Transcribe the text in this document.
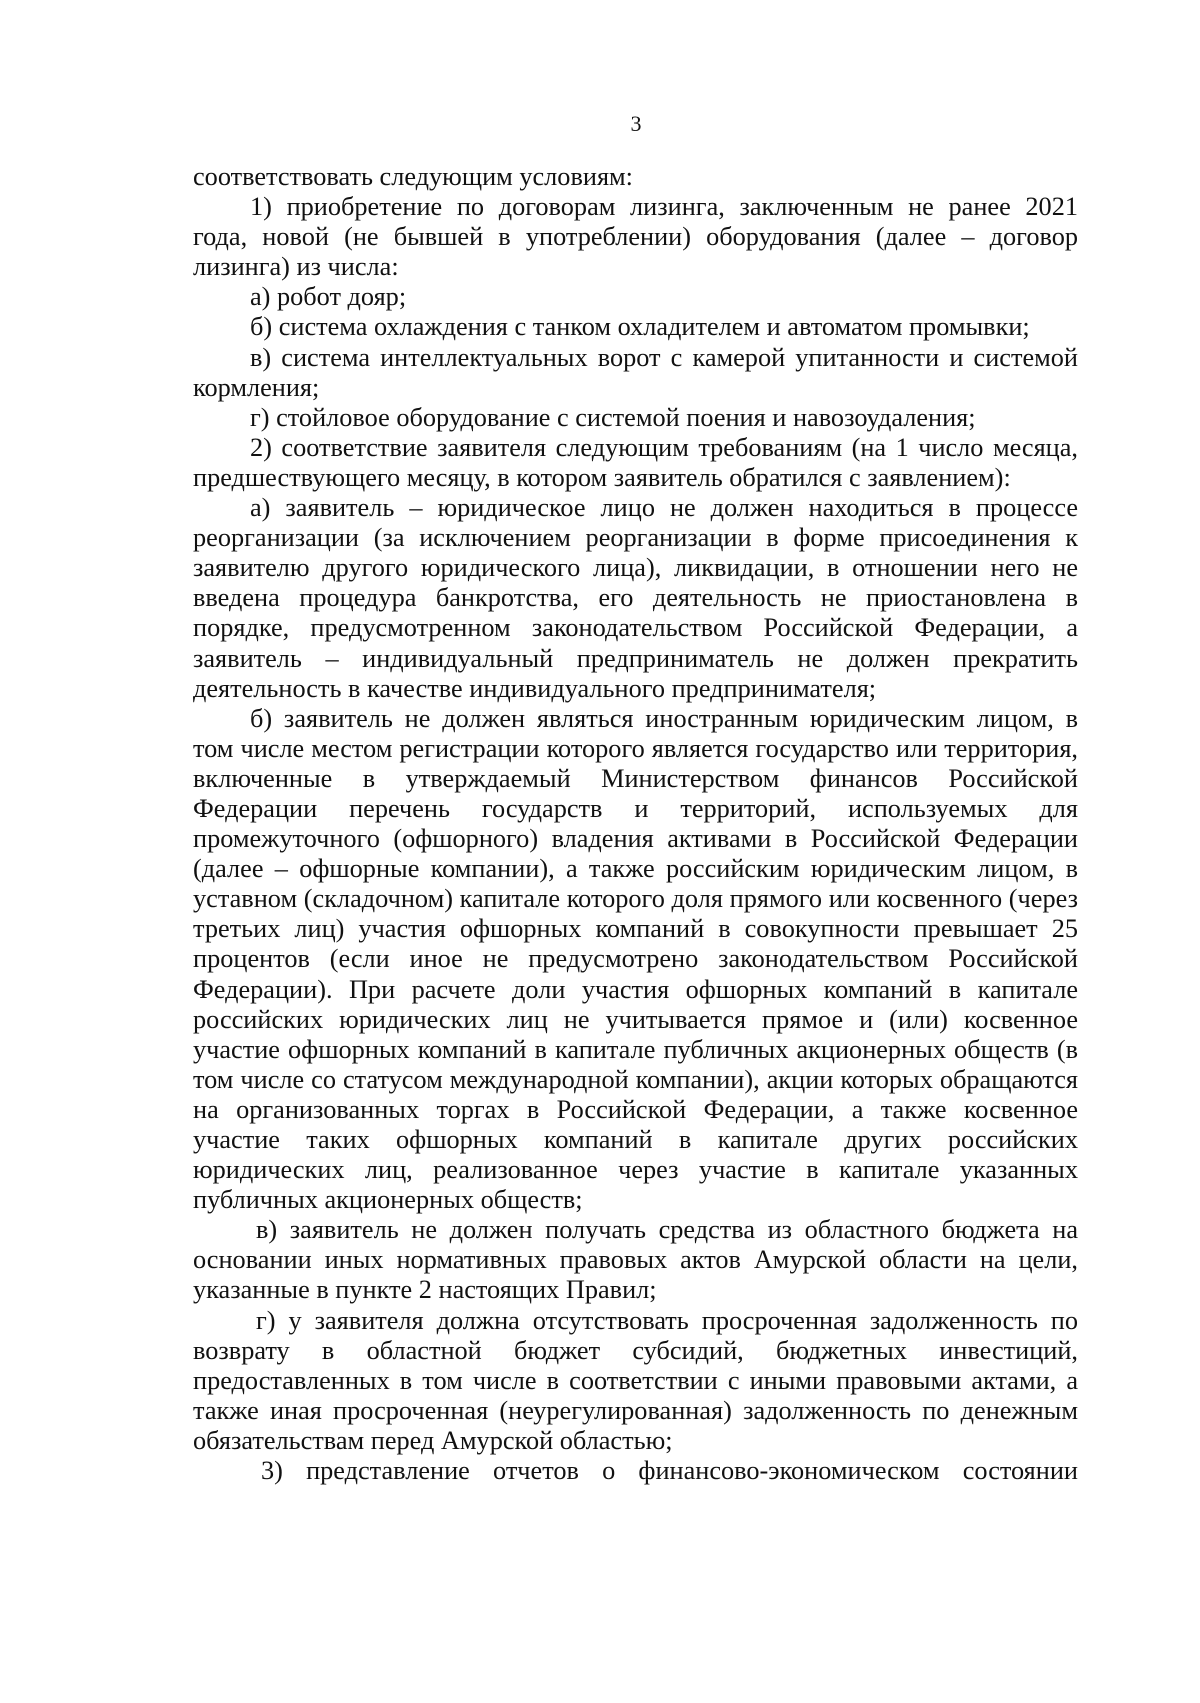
3
соответствовать следующим условиям:
1) приобретение по договорам лизинга, заключенным не ранее 2021
года, новой (не бывшей в употреблении) оборудования (далее – договор
лизинга) из числа:
а) робот дояр;
б) система охлаждения с танком охладителем и автоматом промывки;
в) система интеллектуальных ворот с камерой упитанности и системой
кормления;
г) стойловое оборудование с системой поения и навозоудаления;
2) соответствие заявителя следующим требованиям (на 1 число месяца,
предшествующего месяцу, в котором заявитель обратился с заявлением):
а) заявитель – юридическое лицо не должен находиться в процессе
реорганизации (за исключением реорганизации в форме присоединения к
заявителю другого юридического лица), ликвидации, в отношении него не
введена процедура банкротства, его деятельность не приостановлена в
порядке, предусмотренном законодательством Российской Федерации, а
заявитель – индивидуальный предприниматель не должен прекратить
деятельность в качестве индивидуального предпринимателя;
б) заявитель не должен являться иностранным юридическим лицом, в
том числе местом регистрации которого является государство или территория,
включенные в утверждаемый Министерством финансов Российской
Федерации перечень государств и территорий, используемых для
промежуточного (офшорного) владения активами в Российской Федерации
(далее – офшорные компании), а также российским юридическим лицом, в
уставном (складочном) капитале которого доля прямого или косвенного (через
третьих лиц) участия офшорных компаний в совокупности превышает 25
процентов (если иное не предусмотрено законодательством Российской
Федерации). При расчете доли участия офшорных компаний в капитале
российских юридических лиц не учитывается прямое и (или) косвенное
участие офшорных компаний в капитале публичных акционерных обществ (в
том числе со статусом международной компании), акции которых обращаются
на организованных торгах в Российской Федерации, а также косвенное
участие таких офшорных компаний в капитале других российских
юридических лиц, реализованное через участие в капитале указанных
публичных акционерных обществ;
в) заявитель не должен получать средства из областного бюджета на
основании иных нормативных правовых актов Амурской области на цели,
указанные в пункте 2 настоящих Правил;
г) у заявителя должна отсутствовать просроченная задолженность по
возврату в областной бюджет субсидий, бюджетных инвестиций,
предоставленных в том числе в соответствии с иными правовыми актами, а
также иная просроченная (неурегулированная) задолженность по денежным
обязательствам перед Амурской областью;
3) представление отчетов о финансово-экономическом состоянии
